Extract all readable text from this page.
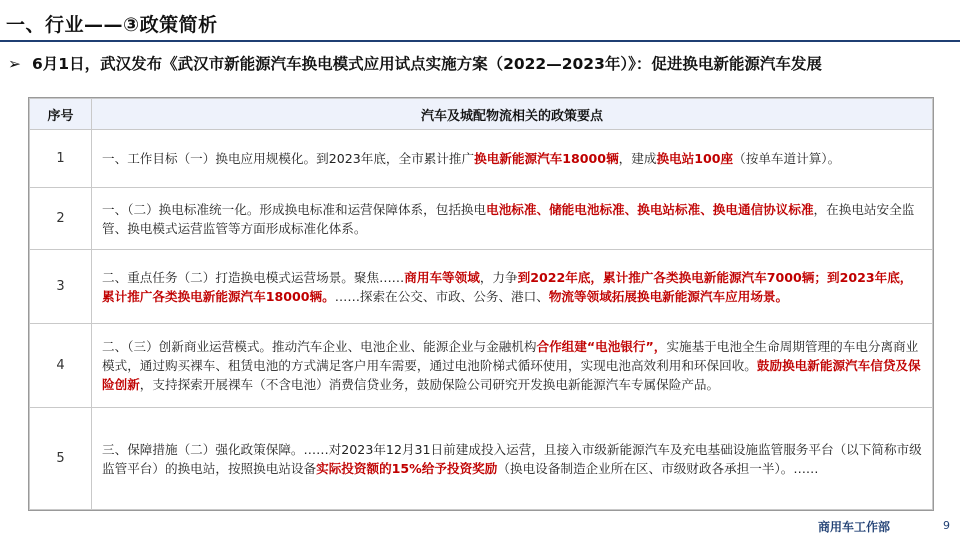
一、行业——③政策简析
➢ 6月1日，武汉发布《武汉市新能源汽车换电模式应用试点实施方案（2022—2023年）》：促进换电新能源汽车发展
序号	汽车及城配物流相关的政策要点
1	一、工作目标（一）换电应用规模化。到2023年底，全市累计推广换电新能源汽车18000辆，建成换电站100座（按单车道计算）。
2	一、（二）换电标准统一化。形成换电标准和运营保障体系，包括换电电池标准、储能电池标准、换电站标准、换电通信协议标准，在换电站安全监管、换电模式运营监管等方面形成标准化体系。
3	二、重点任务（二）打造换电模式运营场景。聚焦……商用车等领域，力争到2022年底，累计推广各类换电新能源汽车7000辆；到2023年底，累计推广各类换电新能源汽车18000辆。……探索在公交、市政、公务、港口、物流等领域拓展换电新能源汽车应用场景。
4	二、（三）创新商业运营模式。推动汽车企业、电池企业、能源企业与金融机构合作组建“电池银行”，实施基于电池全生命周期管理的车电分离商业模式，通过购买裸车、租赁电池的方式满足客户用车需要，通过电池阶梯式循环使用，实现电池高效利用和环保回收。鼓励换电新能源汽车信贷及保险创新，支持探索开展裸车（不含电池）消费信贷业务，鼓励保险公司研究开发换电新能源汽车专属保险产品。
5	三、保障措施（二）强化政策保障。……对2023年12月31日前建成投入运营，且接入市级新能源汽车及充电基础设施监管服务平台（以下简称市级监管平台）的换电站，按照换电站设备实际投资额的15%给予投资奖励（换电设备制造企业所在区、市级财政各承担一半）。……
商用车工作部	9
